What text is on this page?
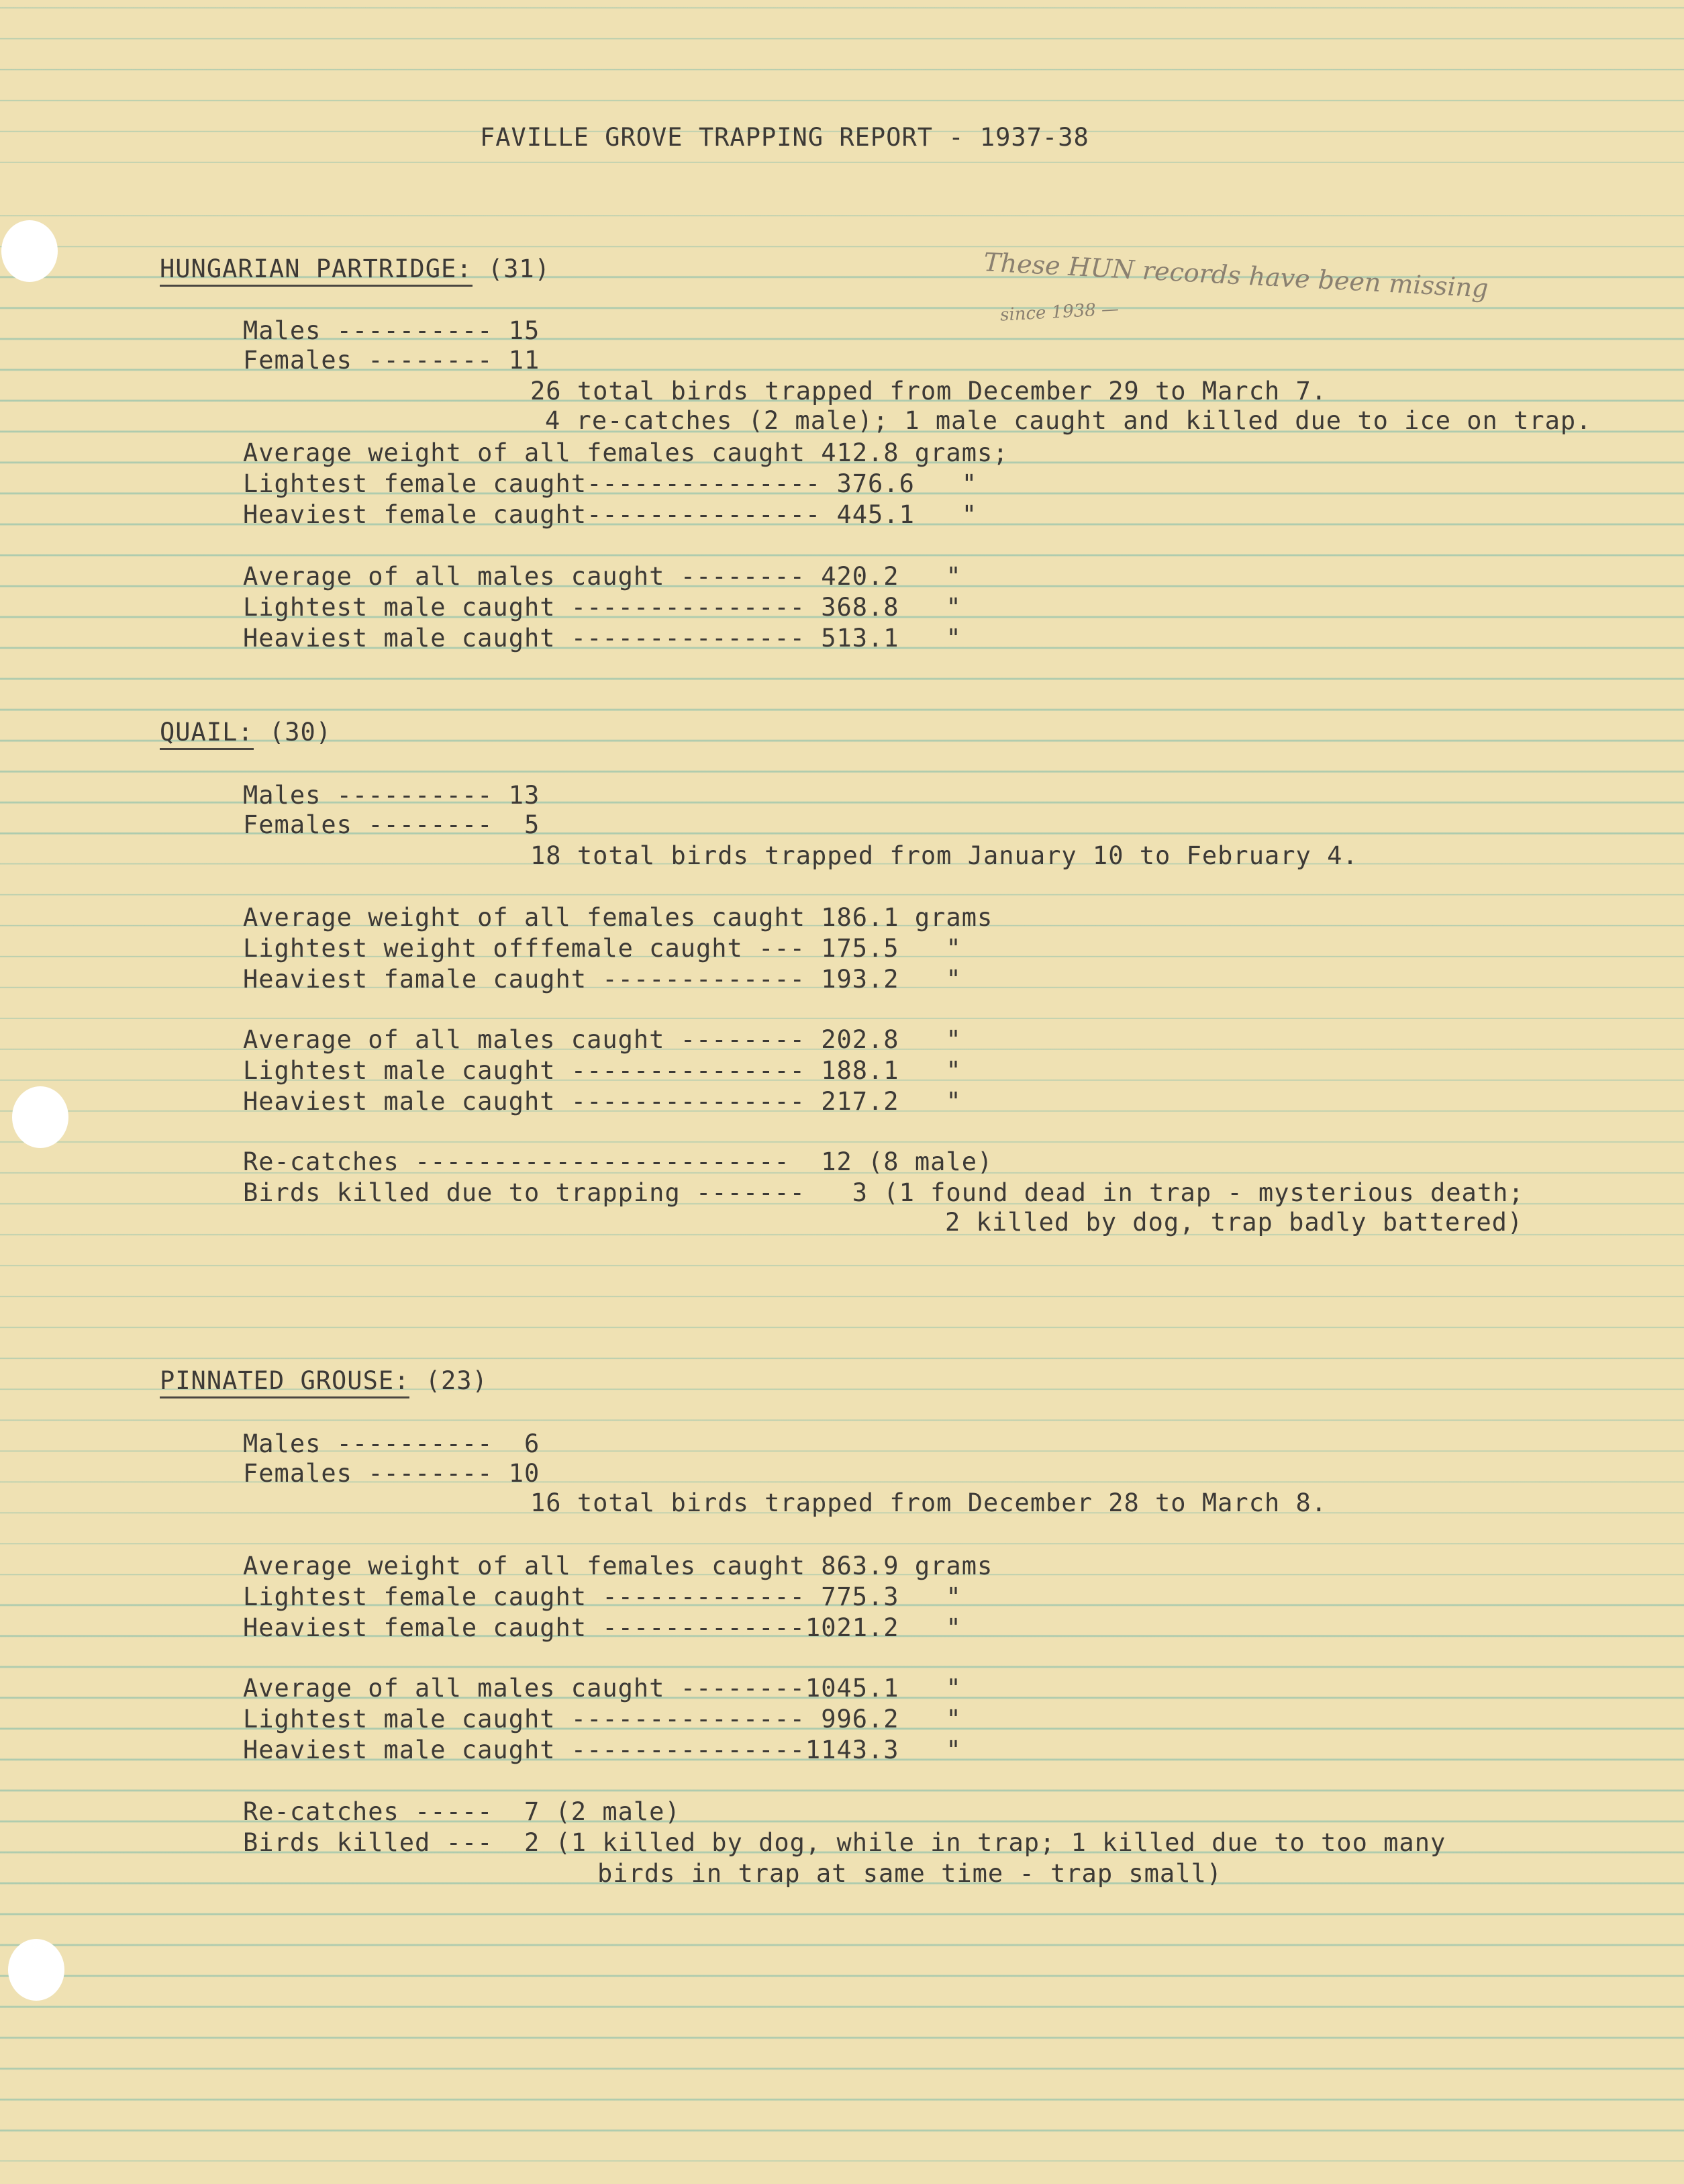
FAVILLE GROVE TRAPPING REPORT - 1937-38
These HUN records have been missing
since 1938 —
HUNGARIAN PARTRIDGE: (31)
Males ---------- 15
Females -------- 11
26 total birds trapped from December 29 to March 7.
4 re-catches (2 male); 1 male caught and killed due to ice on trap.
Average weight of all females caught 412.8 grams;
Lightest female caught--------------- 376.6   "
Heaviest female caught--------------- 445.1   "
Average of all males caught -------- 420.2   "
Lightest male caught --------------- 368.8   "
Heaviest male caught --------------- 513.1   "
QUAIL: (30)
Males ---------- 13
Females --------  5
18 total birds trapped from January 10 to February 4.
Average weight of all females caught 186.1 grams
Lightest weight offfemale caught --- 175.5   "
Heaviest famale caught ------------- 193.2   "
Average of all males caught -------- 202.8   "
Lightest male caught --------------- 188.1   "
Heaviest male caught --------------- 217.2   "
Re-catches ------------------------  12 (8 male)
Birds killed due to trapping -------   3 (1 found dead in trap - mysterious death;
2 killed by dog, trap badly battered)
PINNATED GROUSE: (23)
Males ----------  6
Females -------- 10
16 total birds trapped from December 28 to March 8.
Average weight of all females caught 863.9 grams
Lightest female caught ------------- 775.3   "
Heaviest female caught -------------1021.2   "
Average of all males caught --------1045.1   "
Lightest male caught --------------- 996.2   "
Heaviest male caught ---------------1143.3   "
Re-catches -----  7 (2 male)
Birds killed ---  2 (1 killed by dog, while in trap; 1 killed due to too many
birds in trap at same time - trap small)
